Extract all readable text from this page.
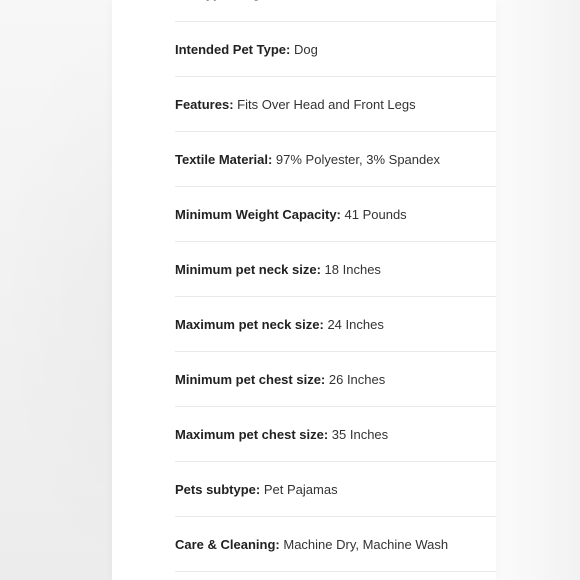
Intended Pet Type: Dog
Features: Fits Over Head and Front Legs
Textile Material: 97% Polyester, 3% Spandex
Minimum Weight Capacity: 41 Pounds
Minimum pet neck size: 18 Inches
Maximum pet neck size: 24 Inches
Minimum pet chest size: 26 Inches
Maximum pet chest size: 35 Inches
Pets subtype: Pet Pajamas
Care & Cleaning: Machine Dry, Machine Wash
